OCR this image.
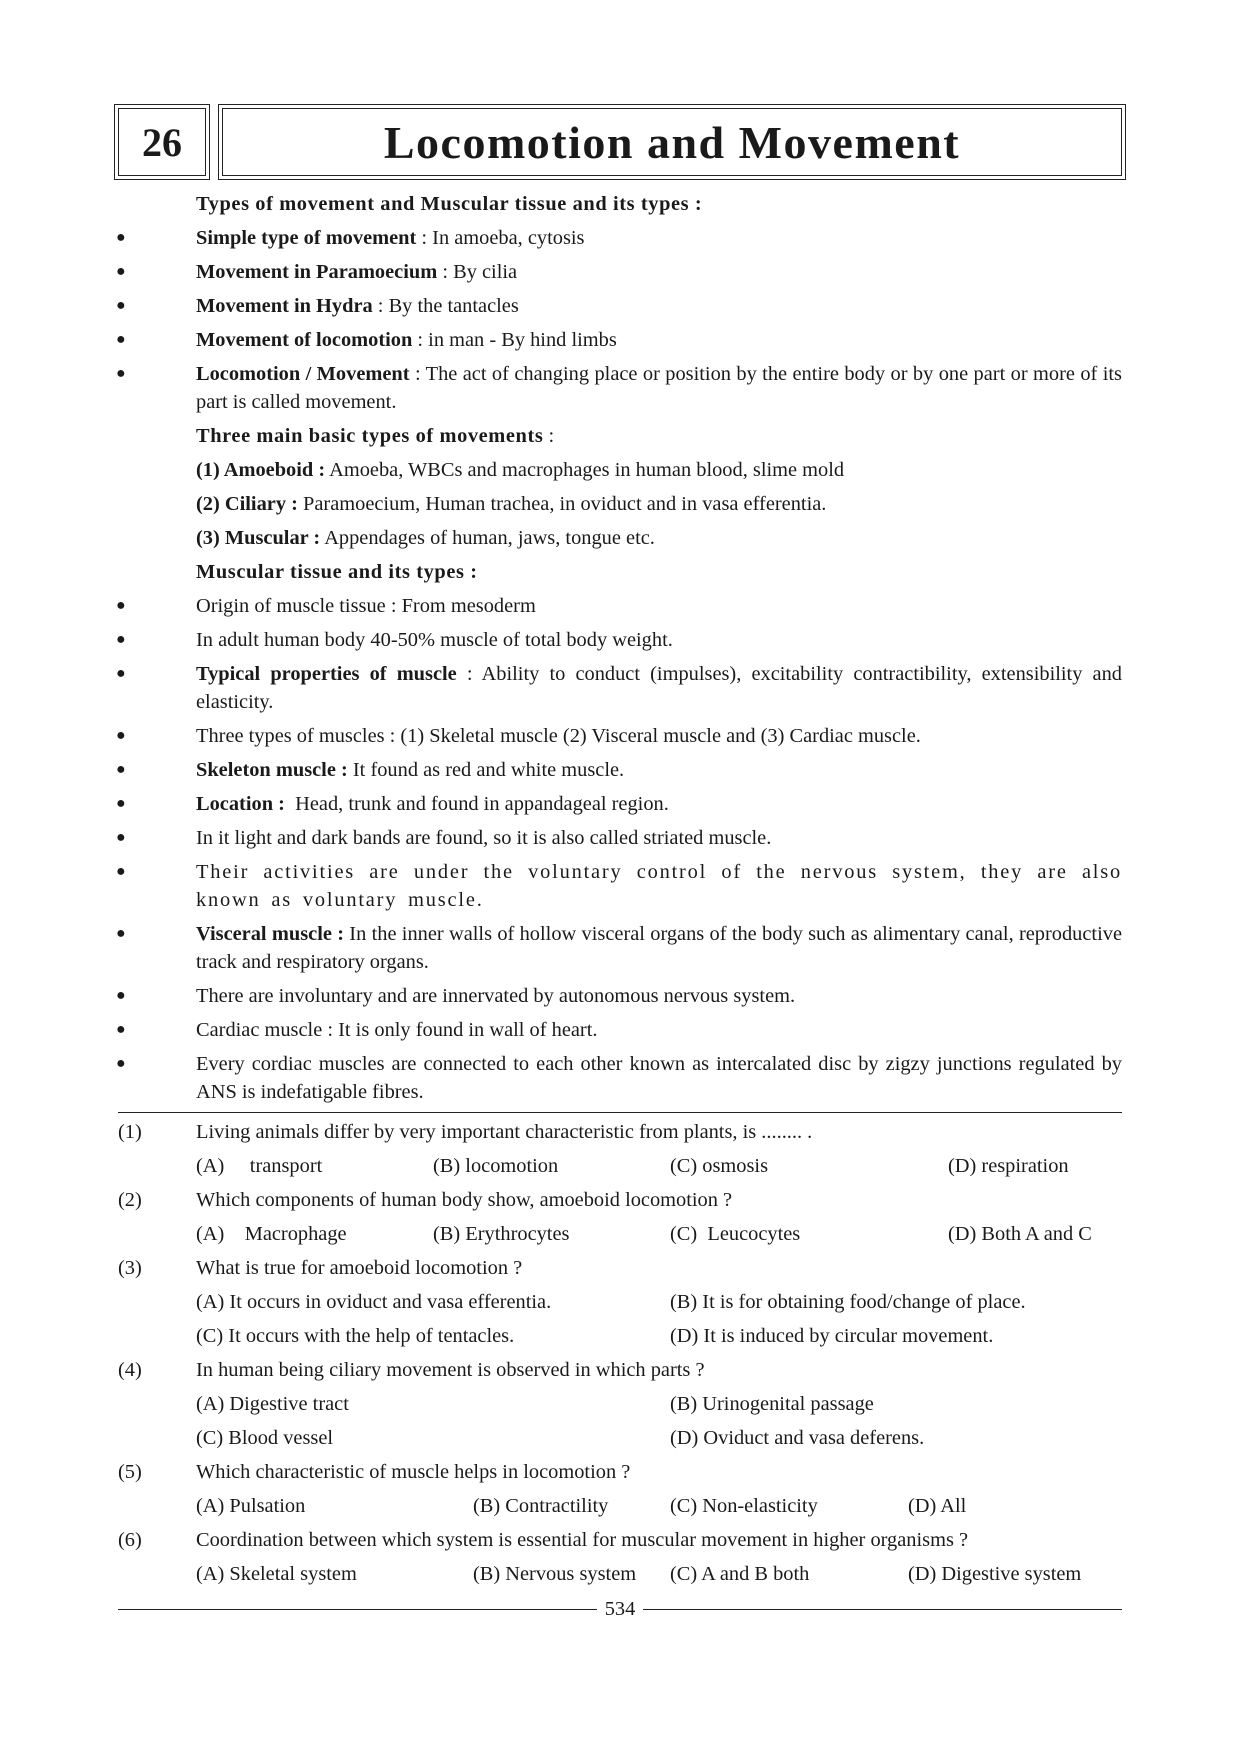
26	Locomotion and Movement
Types of movement and Muscular tissue and its types :
●	Simple type of movement : In amoeba, cytosis
●	Movement in Paramoecium : By cilia
●	Movement in Hydra : By the tantacles
●	Movement of locomotion : in man - By hind limbs
●	Locomotion / Movement : The act of changing place or position by the entire body or by one part or more of its part is called movement.
Three main basic types of movements :
(1) Amoeboid : Amoeba, WBCs and macrophages in human blood, slime mold
(2) Ciliary : Paramoecium, Human trachea, in oviduct and in vasa efferentia.
(3) Muscular : Appendages of human, jaws, tongue etc.
Muscular tissue and its types :
●	Origin of muscle tissue : From mesoderm
●	In adult human body 40-50% muscle of total body weight.
●	Typical properties of muscle : Ability to conduct (impulses), excitability contractibility, extensibility and elasticity.
●	Three types of muscles : (1) Skeletal muscle (2) Visceral muscle and (3) Cardiac muscle.
●	Skeleton muscle : It found as red and white muscle.
●	Location :  Head, trunk and found in appandageal region.
●	In it light and dark bands are found, so it is also called striated muscle.
●	Their activities are under the voluntary control of the nervous system, they are also known as voluntary muscle.
●	Visceral muscle : In the inner walls of hollow visceral organs of the body such as alimentary canal, reproductive track and respiratory organs.
●	There are involuntary and are innervated by autonomous nervous system.
●	Cardiac muscle : It is only found in wall of heart.
●	Every cordiac muscles are connected to each other known as intercalated disc by zigzy junctions regulated by ANS is indefatigable fibres.
(1)	Living animals differ by very important characteristic from plants, is ........ .
(A)     transport	(B) locomotion	(C) osmosis	(D) respiration
(2)	Which components of human body show, amoeboid locomotion ?
(A)    Macrophage	(B) Erythrocytes	(C)  Leucocytes	(D) Both A and C
(3)	What is true for amoeboid locomotion ?
(A) It occurs in oviduct and vasa efferentia.	(B) It is for obtaining food/change of place.
(C) It occurs with the help of tentacles.	(D) It is induced by circular movement.
(4)	In human being ciliary movement is observed in which parts ?
(A) Digestive tract	(B) Urinogenital passage
(C) Blood vessel	(D) Oviduct and vasa deferens.
(5)	Which characteristic of muscle helps in locomotion ?
(A) Pulsation	(B) Contractility	(C) Non-elasticity	(D) All
(6)	Coordination between which system is essential for muscular movement in higher organisms ?
(A) Skeletal system	(B) Nervous system (C) A and B both	(D) Digestive system
534
